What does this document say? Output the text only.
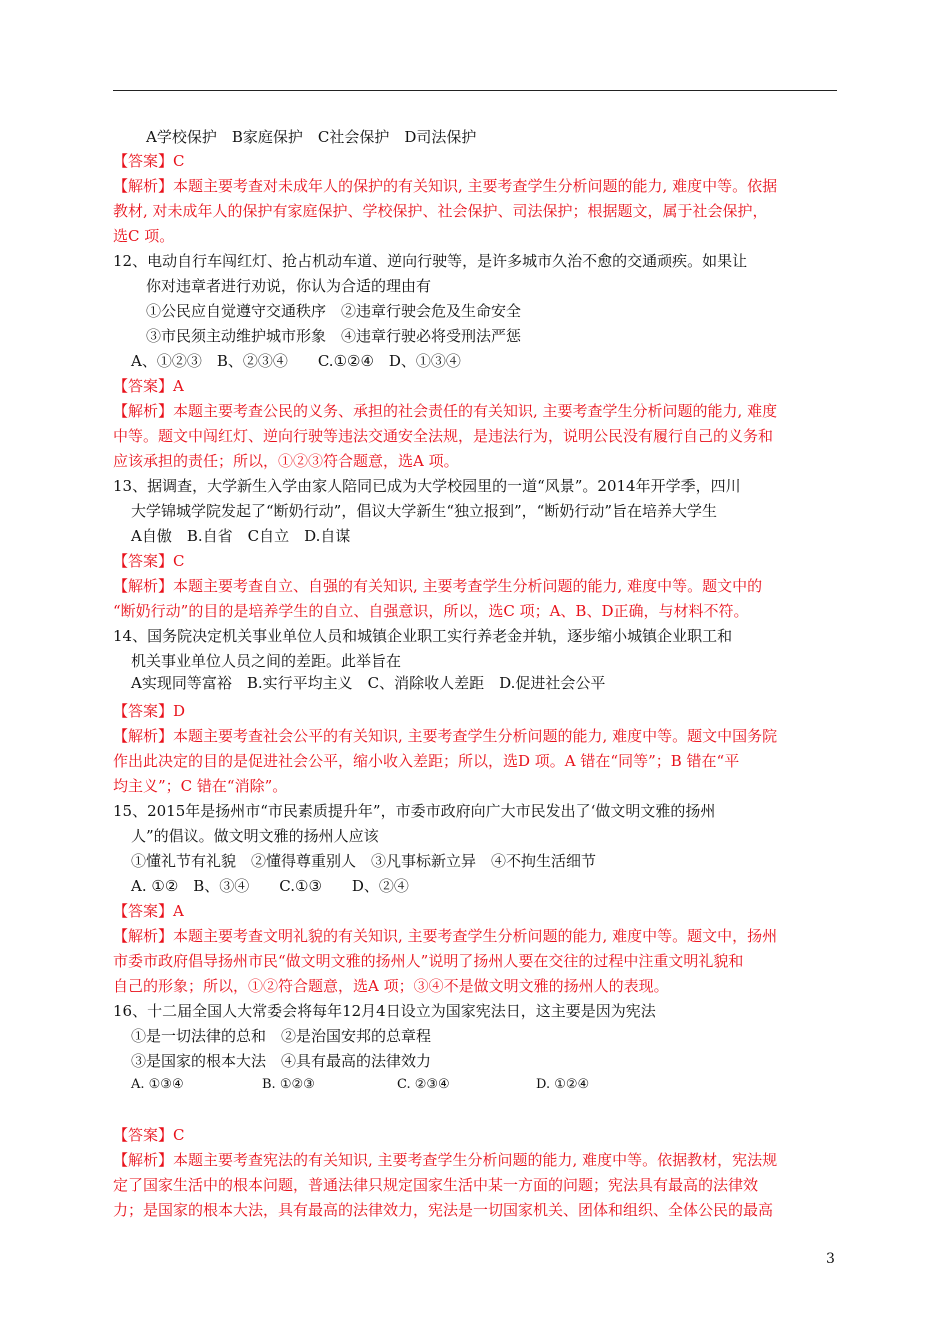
A学校保护　B家庭保护　C社会保护　D司法保护
【答案】C
【解析】本题主要考查对未成年人的保护的有关知识, 主要考查学生分析问题的能力, 难度中等。依据
教材, 对未成年人的保护有家庭保护、学校保护、社会保护、司法保护；根据题文，属于社会保护，
选C 项。
12、电动自行车闯红灯、抢占机动车道、逆向行驶等，是许多城市久治不愈的交通顽疾。如果让
你对违章者进行劝说，你认为合适的理由有
①公民应自觉遵守交通秩序　②违章行驶会危及生命安全
③市民须主动维护城市形象　④违章行驶必将受刑法严惩
A、①②③　B、②③④　　C.①②④　D、①③④
【答案】A
【解析】本题主要考查公民的义务、承担的社会责任的有关知识, 主要考查学生分析问题的能力, 难度
中等。题文中闯红灯、逆向行驶等违法交通安全法规，是违法行为，说明公民没有履行自己的义务和
应该承担的责任；所以，①②③符合题意，选A 项。
13、据调查，大学新生入学由家人陪同已成为大学校园里的一道“风景”。2014年开学季，四川
大学锦城学院发起了“断奶行动”，倡议大学新生“独立报到”，“断奶行动”旨在培养大学生
A自傲　B.自省　C自立　D.自谋
【答案】C
【解析】本题主要考查自立、自强的有关知识, 主要考查学生分析问题的能力, 难度中等。题文中的
“断奶行动”的目的是培养学生的自立、自强意识，所以，选C 项；A、B、D正确，与材料不符。
14、国务院决定机关事业单位人员和城镇企业职工实行养老金并轨，逐步缩小城镇企业职工和
机关事业单位人员之间的差距。此举旨在
A实现同等富裕　B.实行平均主义　C、消除收人差距　D.促进社会公平
【答案】D
【解析】本题主要考查社会公平的有关知识, 主要考查学生分析问题的能力, 难度中等。题文中国务院
作出此决定的目的是促进社会公平，缩小收入差距；所以，选D 项。A 错在“同等”；B 错在“平
均主义”；C 错在“消除”。
15、2015年是扬州市“市民素质提升年”，市委市政府向广大市民发出了‘做文明文雅的扬州
人”的倡议。做文明文雅的扬州人应该
①懂礼节有礼貌　②懂得尊重别人　③凡事标新立异　④不拘生活细节
A. ①②　B、③④　　C.①③　　D、②④
【答案】A
【解析】本题主要考查文明礼貌的有关知识, 主要考查学生分析问题的能力, 难度中等。题文中，扬州
市委市政府倡导扬州市民“做文明文雅的扬州人”说明了扬州人要在交往的过程中注重文明礼貌和
自己的形象；所以，①②符合题意，选A 项；③④不是做文明文雅的扬州人的表现。
16、十二届全国人大常委会将每年12月4日设立为国家宪法日，这主要是因为宪法
①是一切法律的总和　②是治国安邦的总章程
③是国家的根本大法　④具有最高的法律效力
A. ①③④	B. ①②③	C. ②③④	D. ①②④
【答案】C
【解析】本题主要考查宪法的有关知识, 主要考查学生分析问题的能力, 难度中等。依据教材，宪法规
定了国家生活中的根本问题，普通法律只规定国家生活中某一方面的问题；宪法具有最高的法律效
力；是国家的根本大法，具有最高的法律效力，宪法是一切国家机关、团体和组织、全体公民的最高
3
